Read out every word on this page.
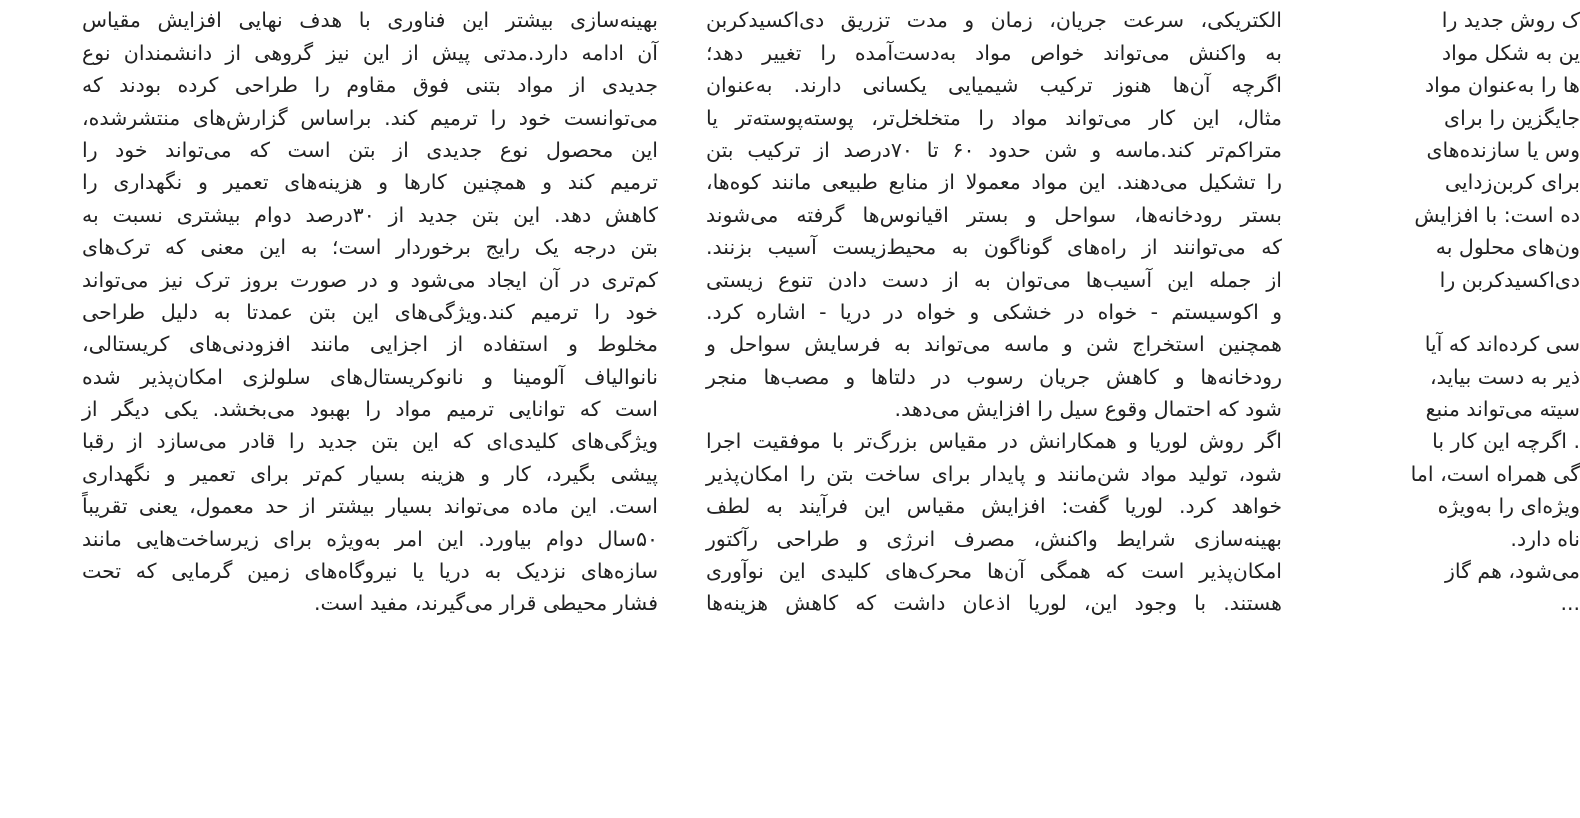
بهینه‌سازی بیشتر این فناوری با هدف نهایی افزایش مقیاس
آن ادامه دارد.مدتی پیش از این نیز گروهی از دانشمندان نوع
جدیدی از مواد بتنی فوق مقاوم را طراحی کرده بودند که
می‌توانست خود را ترمیم کند. براساس گزارش‌های منتشرشده،
این محصول نوع جدیدی از بتن است که می‌تواند خود را
ترمیم کند و همچنین کارها و هزینه‌های تعمیر و نگهداری را
کاهش دهد. این بتن جدید از ۳۰درصد دوام بیشتری نسبت به
بتن درجه یک رایج برخوردار است؛ به این معنی که ترک‌های
کم‌تری در آن ایجاد می‌شود و در صورت بروز ترک نیز می‌تواند
خود را ترمیم کند.ویژگی‌های این بتن عمدتا به دلیل طراحی
مخلوط و استفاده از اجزایی مانند افزودنی‌های کریستالی،
نانوالیاف آلومینا و نانوکریستال‌های سلولزی امکان‌پذیر شده
است که توانایی ترمیم مواد را بهبود می‌بخشد. یکی دیگر از
ویژگی‌های کلیدی‌ای که این بتن جدید را قادر می‌سازد از رقبا
پیشی بگیرد، کار و هزینه بسیار کم‌تر برای تعمیر و نگهداری
است. این ماده می‌تواند بسیار بیشتر از حد معمول، یعنی تقریباً
۵۰سال دوام بیاورد. این امر به‌ویژه برای زیرساخت‌هایی مانند
سازه‌های نزدیک به دریا یا نیروگاه‌های زمین گرمایی که تحت
فشار محیطی قرار می‌گیرند، مفید است.
الکتریکی، سرعت جریان، زمان و مدت تزریق دی‌اکسیدکربن
به واکنش می‌تواند خواص مواد به‌دست‌آمده را تغییر دهد؛
اگرچه آن‌ها هنوز ترکیب شیمیایی یکسانی دارند. به‌عنوان
مثال، این کار می‌تواند مواد را متخلخل‌تر، پوسته‌پوسته‌تر یا
متراکم‌تر کند.ماسه و شن حدود ۶۰ تا ۷۰درصد از ترکیب بتن
را تشکیل می‌دهند. این مواد معمولا از منابع طبیعی مانند کوه‌ها،
بستر رودخانه‌ها، سواحل و بستر اقیانوس‌ها گرفته می‌شوند
که می‌توانند از راه‌های گوناگون به محیط‌زیست آسیب بزنند.
از جمله این آسیب‌ها می‌توان به از دست دادن تنوع زیستی
و اکوسیستم - خواه در خشکی و خواه در دریا - اشاره کرد.
همچنین استخراج شن و ماسه می‌تواند به فرسایش سواحل و
رودخانه‌ها و کاهش جریان رسوب در دلتاها و مصب‌ها منجر
شود که احتمال وقوع سیل را افزایش می‌دهد.
اگر روش لوریا و همکارانش در مقیاس بزرگ‌تر با موفقیت اجرا
شود، تولید مواد شن‌مانند و پایدار برای ساخت بتن را امکان‌پذیر
خواهد کرد. لوریا گفت: افزایش مقیاس این فرآیند به لطف
بهینه‌سازی شرایط واکنش، مصرف انرژی و طراحی رآکتور
امکان‌پذیر است که همگی آن‌ها محرک‌های کلیدی این نوآوری
هستند. با وجود این، لوریا اذعان داشت که کاهش هزینه‌ها
ک روش جدید را
ین به شکل مواد
ها را به‌عنوان مواد
جایگزین را برای
وس یا سازنده‌های
برای کربن‌زدایی
ده است: با افزایش
ون‌های محلول به
دی‌اکسیدکربن را
سی کرده‌اند که آیا
ذیر به دست بیاید،
سیته می‌تواند منبع
. اگرچه این کار با
گی همراه است، اما
ویژه‌ای را به‌ویژه
ناه دارد.
می‌شود، هم گاز
...
